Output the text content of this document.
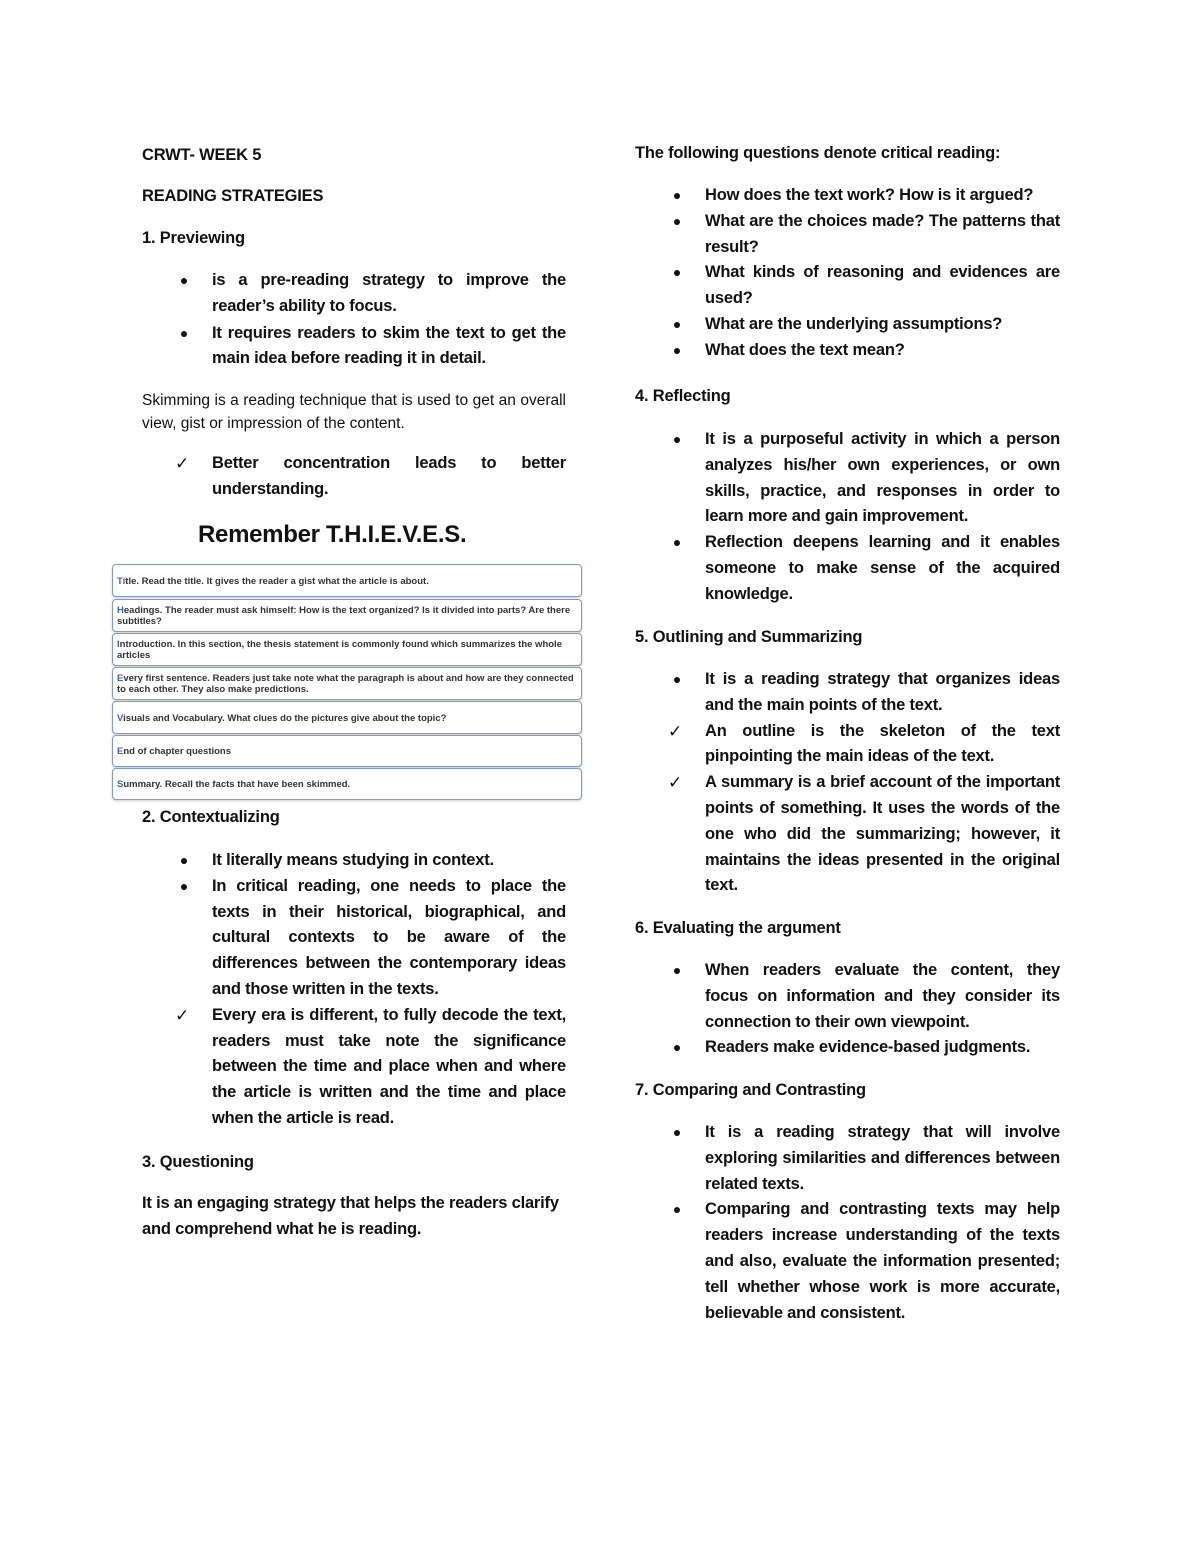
CRWT- WEEK 5

READING STRATEGIES

1. Previewing

●	is a pre-reading strategy to improve the reader’s ability to focus.
●	It requires readers to skim the text to get the main idea before reading it in detail.

Skimming is a reading technique that is used to get an overall view, gist or impression of the content.

✓ Better concentration leads to better understanding.

Remember T.H.I.E.V.E.S.

Title. Read the title. It gives the reader a gist what the article is about.
Headings. The reader must ask himself: How is the text organized? Is it divided into parts? Are there subtitles?
Introduction. In this section, the thesis statement is commonly found which summarizes the whole articles
Every first sentence. Readers just take note what the paragraph is about and how are they connected to each other. They also make predictions.
Visuals and Vocabulary. What clues do the pictures give about the topic?
End of chapter questions
Summary. Recall the facts that have been skimmed.

2. Contextualizing

●	It literally means studying in context.
●	In critical reading, one needs to place the texts in their historical, biographical, and cultural contexts to be aware of the differences between the contemporary ideas and those written in the texts.
✓ Every era is different, to fully decode the text, readers must take note the significance between the time and place when and where the article is written and the time and place when the article is read.

3. Questioning

It is an engaging strategy that helps the readers clarify and comprehend what he is reading.

The following questions denote critical reading:

●	How does the text work? How is it argued?
●	What are the choices made? The patterns that result?
●	What kinds of reasoning and evidences are used?
●	What are the underlying assumptions?
●	What does the text mean?

4. Reflecting

●	It is a purposeful activity in which a person analyzes his/her own experiences, or own skills, practice, and responses in order to learn more and gain improvement.
●	Reflection deepens learning and it enables someone to make sense of the acquired knowledge.

5. Outlining and Summarizing

●	It is a reading strategy that organizes ideas and the main points of the text.
✓ An outline is the skeleton of the text pinpointing the main ideas of the text.
✓ A summary is a brief account of the important points of something. It uses the words of the one who did the summarizing; however, it maintains the ideas presented in the original text.

6. Evaluating the argument

●	When readers evaluate the content, they focus on information and they consider its connection to their own viewpoint.
●	Readers make evidence-based judgments.

7. Comparing and Contrasting

●	It is a reading strategy that will involve exploring similarities and differences between related texts.
●	Comparing and contrasting texts may help readers increase understanding of the texts and also, evaluate the information presented; tell whether whose work is more accurate, believable and consistent.
